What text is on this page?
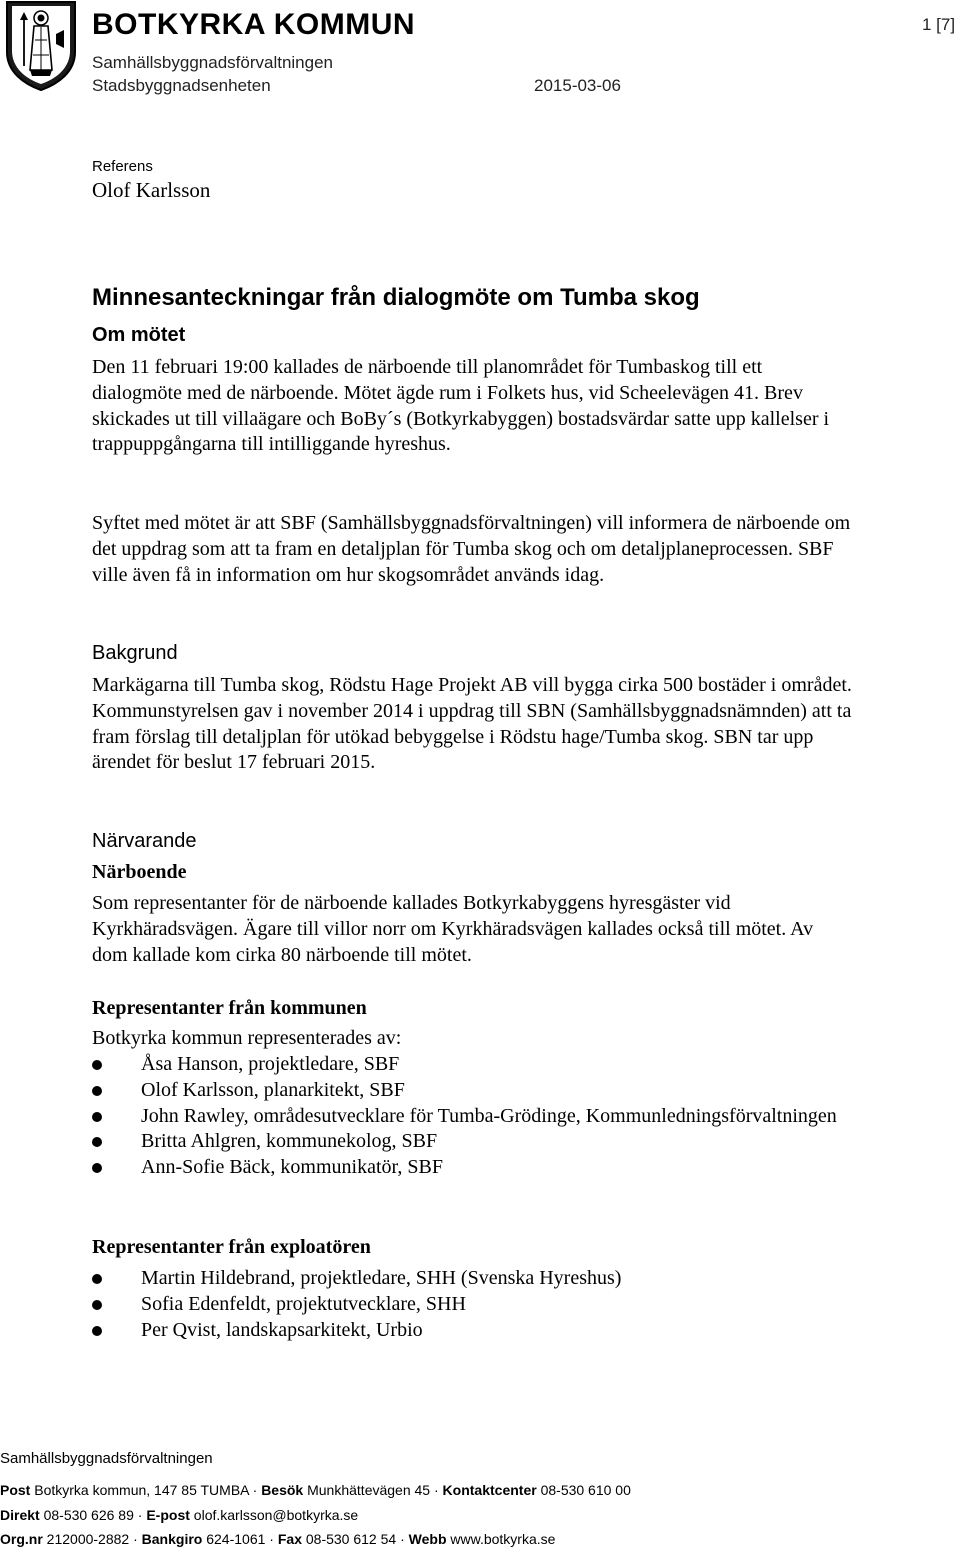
BOTKYRKA KOMMUN
Samhällsbyggnadsförvaltningen
Stadsbyggnadsenheten	2015-03-06
1 [7]
Referens
Olof Karlsson
Minnesanteckningar från dialogmöte om Tumba skog
Om mötet

Den 11 februari 19:00 kallades de närboende till planområdet för Tumbaskog till ett dialogmöte med de närboende. Mötet ägde rum i Folkets hus, vid Scheelevägen 41. Brev skickades ut till villaägare och BoBy´s (Botkyrkabyggen) bostadsvärdar satte upp kallelser i trappuppgångarna till intilliggande hyreshus.

Syftet med mötet är att SBF (Samhällsbyggnadsförvaltningen) vill informera de närboende om det uppdrag som att ta fram en detaljplan för Tumba skog och om detaljplaneprocessen. SBF ville även få in information om hur skogsområdet används idag.

Bakgrund

Markägarna till Tumba skog, Rödstu Hage Projekt AB vill bygga cirka 500 bostäder i området. Kommunstyrelsen gav i november 2014 i uppdrag till SBN (Samhällsbyggnadsnämnden) att ta fram förslag till detaljplan för utökad bebyggelse i Rödstu hage/Tumba skog. SBN tar upp ärendet för beslut 17 februari 2015.

Närvarande
Närboende

Som representanter för de närboende kallades Botkyrkabyggens hyresgäster vid Kyrkhäradsvägen. Ägare till villor norr om Kyrkhäradsvägen kallades också till mötet. Av dom kallade kom cirka 80 närboende till mötet.

Representanter från kommunen
Botkyrka kommun representerades av:
Åsa Hanson, projektledare, SBF
Olof Karlsson, planarkitekt, SBF
John Rawley, områdesutvecklare för Tumba-Grödinge, Kommunledningsförvaltningen
Britta Ahlgren, kommunekolog, SBF
Ann-Sofie Bäck, kommunikatör, SBF
Representanter från exploatören
Martin Hildebrand, projektledare, SHH (Svenska Hyreshus)
Sofia Edenfeldt, projektutvecklare, SHH
Per Qvist, landskapsarkitekt, Urbio
Samhällsbyggnadsförvaltningen
Post Botkyrka kommun, 147 85 TUMBA · Besök Munkhättevägen 45 · Kontaktcenter 08-530 610 00
Direkt 08-530 626 89 · E-post olof.karlsson@botkyrka.se
Org.nr 212000-2882 · Bankgiro 624-1061 · Fax 08-530 612 54 · Webb www.botkyrka.se
